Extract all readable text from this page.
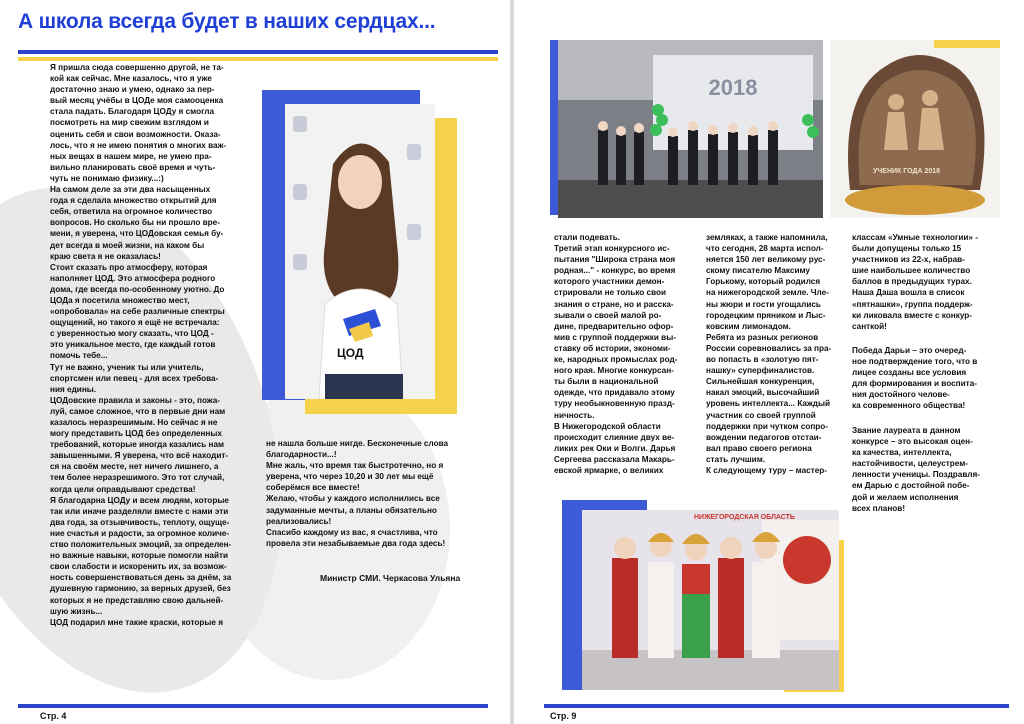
А школа всегда будет в наших сердцах...
Я пришла сюда совершенно другой, не та-
кой как сейчас. Мне казалось, что я уже
достаточно знаю и умею, однако за пер-
вый месяц учёбы в ЦОДе моя самооценка
стала падать. Благодаря ЦОДу я смогла
посмотреть на мир свежим взглядом и
оценить себя и свои возможности. Оказа-
лось, что я не имею понятия о многих важ-
ных вещах в нашем мире, не умею пра-
вильно планировать своё время и чуть-
чуть не понимаю физику...:)
На самом деле за эти два насыщенных
года я сделала множество открытий для
себя, ответила на огромное количество
вопросов. Но сколько бы ни прошло вре-
мени, я уверена, что ЦОДовская семья бу-
дет всегда в моей жизни, на каком бы
краю света я не оказалась!
Стоит сказать про атмосферу, которая
наполняет ЦОД. Это атмосфера родного
дома, где всегда по-особенному уютно. До
ЦОДа я посетила множество мест,
«опробовала» на себе различные спектры
ощущений, но такого я ещё не встречала:
с уверенностью могу сказать, что ЦОД -
это уникальное место, где каждый готов
помочь тебе...
Тут не важно, ученик ты или учитель,
спортсмен или певец - для всех требова-
ния едины.
ЦОДовские правила и законы - это, пожа-
луй, самое сложное, что в первые дни нам
казалось неразрешимым. Но сейчас я не
могу представить ЦОД без определенных
требований, которые иногда казались нам
завышенными. Я уверена, что всё находит-
ся на своём месте, нет ничего лишнего, а
тем более неразрешимого. Это тот случай,
когда цели оправдывают средства!
Я благодарна ЦОДу и всем людям, которые
так или иначе разделяли вместе с нами эти
два года, за отзывчивость, теплоту, ощуще-
ние счастья и радости, за огромное количе-
ство положительных эмоций, за определен-
но важные навыки, которые помогли найти
свои слабости и искоренить их, за возмож-
ность совершенствоваться день за днём, за
душевную гармонию, за верных друзей, без
которых я не представляю свою дальней-
шую жизнь...
ЦОД подарил мне такие краски, которые я
ЦОД
не нашла больше нигде. Бесконечные слова
благодарности...!
Мне жаль, что время так быстротечно, но я
уверена, что через 10,20 и 30 лет мы ещё
соберёмся все вместе!
Желаю, чтобы у каждого исполнились все
задуманные мечты, а планы обязательно
реализовались!
Спасибо каждому из вас, я счастлива, что
провела эти незабываемые два года здесь!
Министр СМИ. Черкасова Ульяна
Стр. 4
2018
УЧЕНИК ГОДА 2018
стали подевать.
Третий этап конкурсного ис-
пытания "Широка страна моя
родная..." - конкурс, во время
которого участники демон-
стрировали не только свои
знания о стране, но и расска-
зывали о своей малой ро-
дине, предварительно офор-
мив с группой поддержки вы-
ставку об истории, экономи-
ке, народных промыслах род-
ного края. Многие конкурсан-
ты были в национальной
одежде, что придавало этому
туру необыкновенную празд-
ничность.
В Нижегородской области
происходит слияние двух ве-
ликих рек Оки и Волги. Дарья
Сергеева рассказала Макарь-
евской ярмарке, о великих
земляках, а также напомнила,
что сегодня, 28 марта испол-
няется 150 лет великому рус-
скому писателю Максиму
Горькому, который родился
на нижегородской земле. Чле-
ны жюри и гости угощались
городецким пряником и Лыс-
ковским лимонадом.
Ребята из разных регионов
России соревновались за пра-
во попасть в «золотую пят-
нашку» суперфиналистов.
Сильнейшая конкуренция,
накал эмоций, высочайший
уровень интеллекта... Каждый
участник со своей группой
поддержки при чутком сопро-
вождении педагогов отстаи-
вал право своего региона
стать лучшим.
К следующему туру – мастер-
классам «Умные технологии» -
были допущены только 15
участников из 22-х, набрав-
шие наибольшее количество
баллов в предыдущих турах.
Наша Даша вошла в список
«пятнашки», группа поддерж-
ки ликовала вместе с конкур-
санткой!
Победа Дарьи – это очеред-
ное подтверждение того, что в
лицее созданы все условия
для формирования и воспита-
ния достойного челове-
ка современного общества!
Звание лауреата в данном
конкурсе – это высокая оцен-
ка качества, интеллекта,
настойчивости, целеустрем-
ленности ученицы. Поздравля-
ем Дарью с достойной побе-
дой и желаем исполнения
всех планов!
НИЖЕГОРОДСКАЯ ОБЛАСТЬ
Стр. 9
